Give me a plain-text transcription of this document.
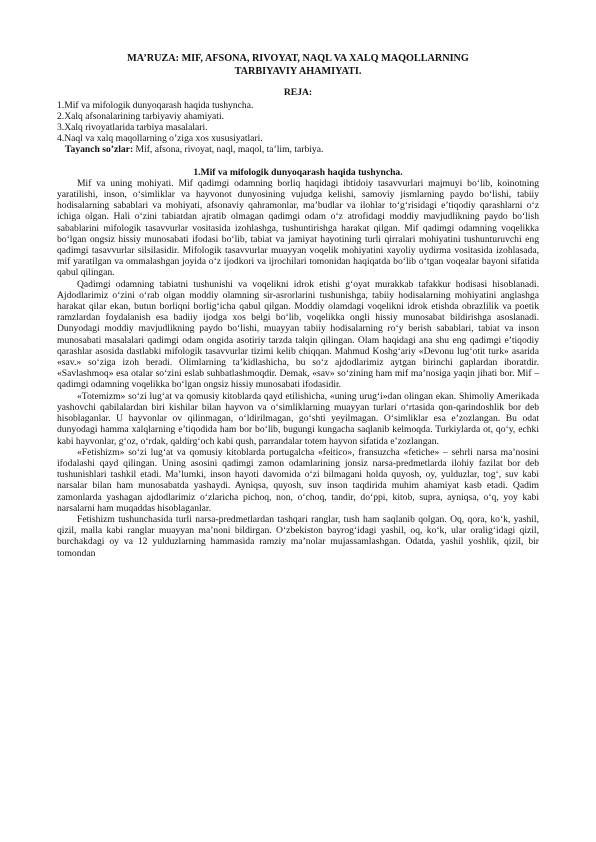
MA’RUZA: MIF, AFSONA, RIVOYAT, NAQL VA XALQ MAQOLLARNING
TARBIYAVIY AHAMIYATI.
REJA:
1.Mif va mifologik dunyoqarash haqida tushyncha.
2.Xalq afsonalarining tarbiyaviy ahamiyati.
3.Xalq rivoyatlarida tarbiya masalalari.
4.Naql va xalq maqollarning o’ziga xos xususiyatlari.
Tayanch so’zlar: Mif, afsona, rivoyat, naql, maqol, ta’lim, tarbiya.
1.Mif va mifologik dunyoqarash haqida tushyncha.

Mif va uning mohiyati. Mif qadimgi odamning borliq haqidagi ibtidoiy tasavvurlari majmuyi bo‘lib, koinotning yaratilishi, inson, o‘simliklar va hayvonot dunyosining vujudga kelishi, samoviy jismlarning paydo bo‘lishi, tabiiy hodisalarning sabablari va mohiyati, afsonaviy qahramonlar, ma’budlar va ilohlar to‘g‘risidagi e’tiqodiy qarashlarni o‘z ichiga olgan. Hali o‘zini tabiatdan ajratib olmagan qadimgi odam o‘z atrofidagi moddiy mavjudlikning paydo bo‘lish sabablarini mifologik tasavvurlar vositasida izohlashga, tushuntirishga harakat qilgan. Mif qadimgi odamning voqelikka bo‘lgan ongsiz hissiy munosabati ifodasi bo‘lib, tabiat va jamiyat hayotining turli qirralari mohiyatini tushunturuvchi eng qadimgi tasavvurlar silsilasidir. Mifologik tasavvurlar muayyan voqelik mohiyatini xayoliy uydirma vositasida izohlasada, mif yaratilgan va ommalashgan joyida o‘z ijodkori va ijrochilari tomonidan haqiqatda bo‘lib o‘tgan voqealar bayoni sifatida qabul qilingan.

Qadimgi odamning tabiatni tushunishi va voqelikni idrok etishi g‘oyat murakkab tafakkur hodisasi hisoblanadi. Ajdodlarimiz o‘zini o‘rab olgan moddiy olamning sir-asrorlarini tushunishga, tabiiy hodisalarning mohiyatini anglashga harakat qilar ekan, butun borliqni borlig‘icha qabul qilgan. Moddiy olamdagi voqelikni idrok etishda obrazlilik va poetik ramzlardan foydalanish esa badiiy ijodga xos belgi bo‘lib, voqelikka ongli hissiy munosabat bildirishga asoslanadi. Dunyodagi moddiy mavjudlikning paydo bo‘lishi, muayyan tabiiy hodisalarning ro‘y berish sabablari, tabiat va inson munosabati masalalari qadimgi odam ongida asotiriy tarzda talqin qilingan. Olam haqidagi ana shu eng qadimgi e’tiqodiy qarashlar asosida dastlabki mifologik tasavvurlar tizimi kelib chiqqan. Mahmud Koshg‘ariy «Devonu lug‘otit turk» asarida «sav.» so‘ziga izoh beradi. Olimlarning ta’kidlashicha, bu so‘z ajdodlarimiz aytgan birinchi gaplardan iboratdir. «Savlashmoq» esa otalar so‘zini eslab suhbatlashmoqdir. Demak, «sav» so‘zining ham mif ma’nosiga yaqin jihati bor. Mif – qadimgi odamning voqelikka bo‘lgan ongsiz hissiy munosabati ifodasidir.

«Totemizm» so‘zi lug‘at va qomusiy kitoblarda qayd etilishicha, «uning urug‘i»dan olingan ekan. Shimoliy Amerikada yashovchi qabilalardan biri kishilar bilan hayvon va o‘simliklarning muayyan turlari o‘rtasida qon-qarindoshlik bor deb hisoblaganlar. U hayvonlar ov qilinmagan, o‘ldirilmagan, go‘shti yeyilmagan. O‘simliklar esa e’zozlangan. Bu odat dunyodagi hamma xalqlarning e’tiqodida ham bor bo‘lib, bugungi kungacha saqlanib kelmoqda. Turkiylarda ot, qo‘y, echki kabi hayvonlar, g‘oz, o‘rdak, qaldirg‘och kabi qush, parrandalar totem hayvon sifatida e’zozlangan.

«Fetishizm» so‘zi lug‘at va qomusiy kitoblarda portugalcha «feitico», fransuzcha «fetiche» – sehrli narsa ma’nosini ifodalashi qayd qilingan. Uning asosini qadimgi zamon odamlarining jonsiz narsa-predmetlarda ilohiy fazilat bor deb tushunishlari tashkil etadi. Ma’lumki, inson hayoti davomida o‘zi bilmagani holda quyosh, oy, yulduzlar, tog‘, suv kabi narsalar bilan ham munosabatda yashaydi. Ayniqsa, quyosh, suv inson taqdirida muhim ahamiyat kasb etadi. Qadim zamonlarda yashagan ajdodlarimiz o‘zlaricha pichoq, non, o‘choq, tandir, do‘ppi, kitob, supra, ayniqsa, o‘q, yoy kabi narsalarni ham muqaddas hisoblaganlar.

Fetishizm tushunchasida turli narsa-predmetlardan tashqari ranglar, tush ham saqlanib qolgan. Oq, qora, ko‘k, yashil, qizil, malla kabi ranglar muayyan ma’noni bildirgan. O‘zbekiston bayrog‘idagi yashil, oq, ko‘k, ular oralig‘idagi qizil, burchakdagi oy va 12 yulduzlarning hammasida ramziy ma’nolar mujassamlashgan. Odatda, yashil yoshlik, qizil, bir tomondan
